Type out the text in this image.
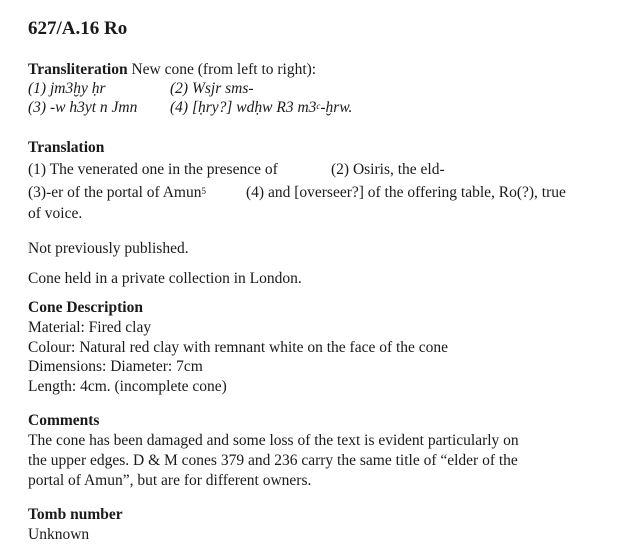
627/A.16 Ro
Transliteration New cone (from left to right):
(1) jm3ḫy ḥr	(2) Wsjr sms-
(3) -w h3yt n Jmn (4) [ḥry?] wdḥw R3 m3$^c$-ḫrw.
Translation
(1) The venerated one in the presence of	(2) Osiris, the eld-
(3)-er of the portal of Amun$^5$	(4) and [overseer?] of the offering table, Ro(?), true
of voice.
Not previously published.
Cone held in a private collection in London.
Cone Description
Material: Fired clay
Colour: Natural red clay with remnant white on the face of the cone
Dimensions: Diameter: 7cm
Length: 4cm. (incomplete cone)
Comments
The cone has been damaged and some loss of the text is evident particularly on
the upper edges. D & M cones 379 and 236 carry the same title of “elder of the
portal of Amun”, but are for different owners.
Tomb number
Unknown
